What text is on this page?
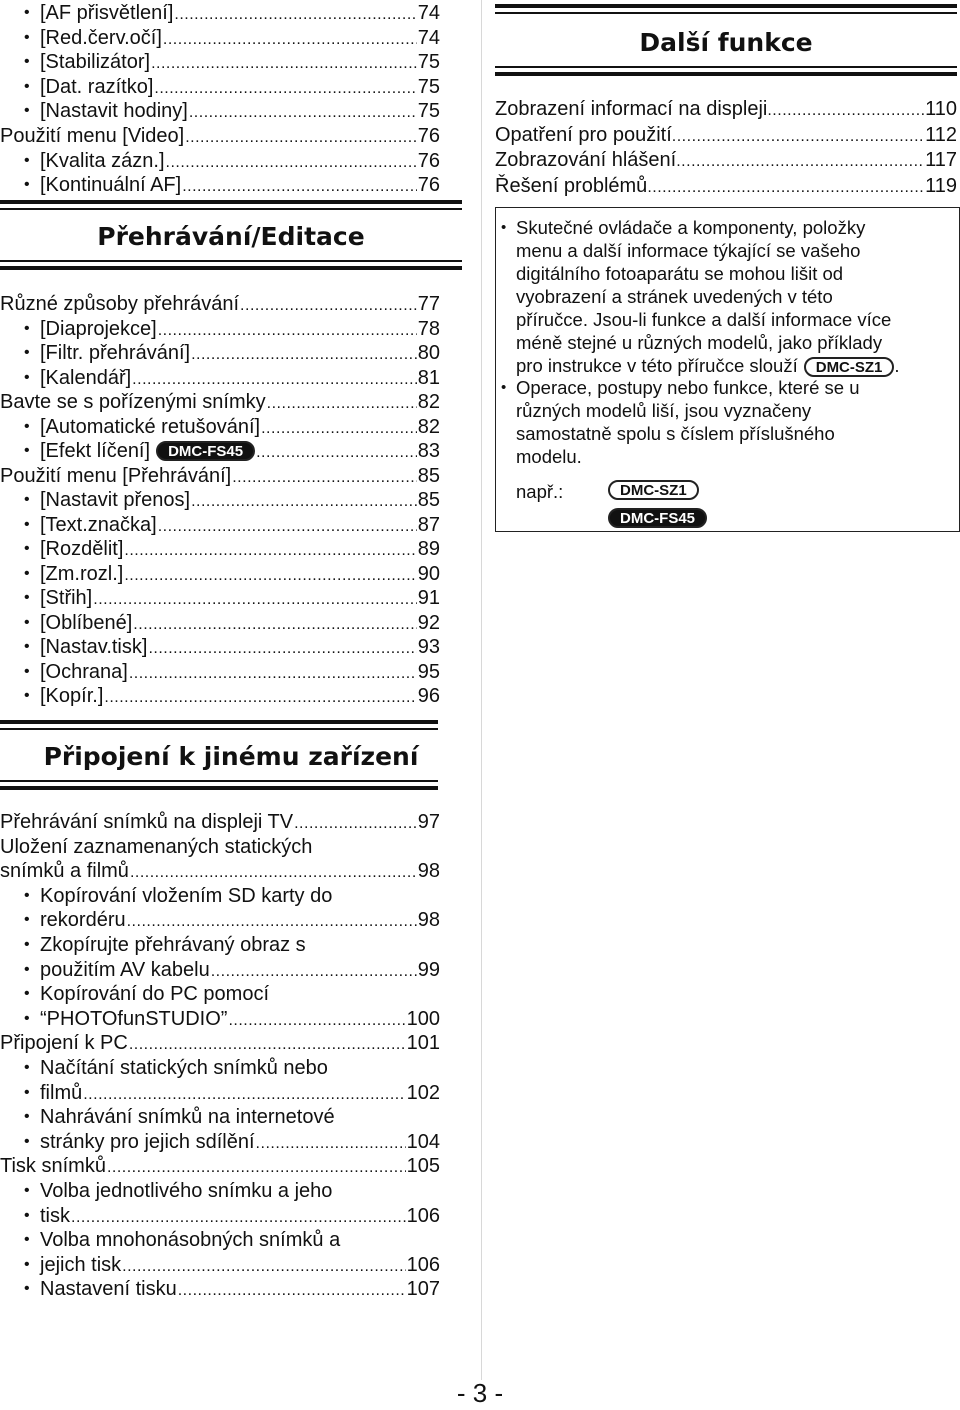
• [AF přisvětlení] .....	74
• [Red.červ.očí] .....	74
• [Stabilizátor] .....	75
• [Dat. razítko] .....	75
• [Nastavit hodiny] .....	75
Použití menu [Video] .....	76
• [Kvalita zázn.] .....	76
• [Kontinuální AF] .....	76
Přehrávání/Editace
Různé způsoby přehrávání .....	77
• [Diaprojekce] .....	78
• [Filtr. přehrávání] .....	80
• [Kalendář] .....	81
Bavte se s pořízenými snímky .....	82
• [Automatické retušování] .....	82
• [Efekt líčení]	DMC-FS45 .....	83
Použití menu [Přehrávání] .....	85
• [Nastavit přenos] .....	85
• [Text.značka] .....	87
• [Rozdělit] .....	89
• [Zm.rozl.] .....	90
• [Střih] .....	91
• [Oblíbené] .....	92
• [Nastav.tisk] .....	93
• [Ochrana] .....	95
• [Kopír.] .....	96
Připojení k jinému zařízení
Přehrávání snímků na displeji TV .....	97
Uložení zaznamenaných statických
snímků a filmů .....	98
• Kopírování vložením SD karty do
• rekordéru .....	98
• Zkopírujte přehrávaný obraz s
• použitím AV kabelu .....	99
• Kopírování do PC pomocí
• “PHOTOfunSTUDIO” .....	100
Připojení k PC .....	101
• Načítání statických snímků nebo
• filmů .....	102
• Nahrávání snímků na internetové
• stránky pro jejich sdílění .....	104
Tisk snímků .....	105
• Volba jednotlivého snímku a jeho
• tisk .....	106
• Volba mnohonásobných snímků a
• jejich tisk .....	106
• Nastavení tisku .....	107
Další funkce
Zobrazení informací na displeji .....	110
Opatření pro použití .....	112
Zobrazování hlášení .....	117
Řešení problémů .....	119
• Skutečné ovládače a komponenty, položky
menu a další informace týkající se vašeho
digitálního fotoaparátu se mohou lišit od
vyobrazení a stránek uvedených v této
příručce. Jsou-li funkce a další informace více
méně stejné u různých modelů, jako příklady
pro instrukce v této příručce slouží DMC-SZ1 .
• Operace, postupy nebo funkce, které se u
různých modelů liší, jsou vyznačeny
samostatně spolu s číslem příslušného
modelu.
např.:	DMC-SZ1
DMC-FS45
- 3 -
